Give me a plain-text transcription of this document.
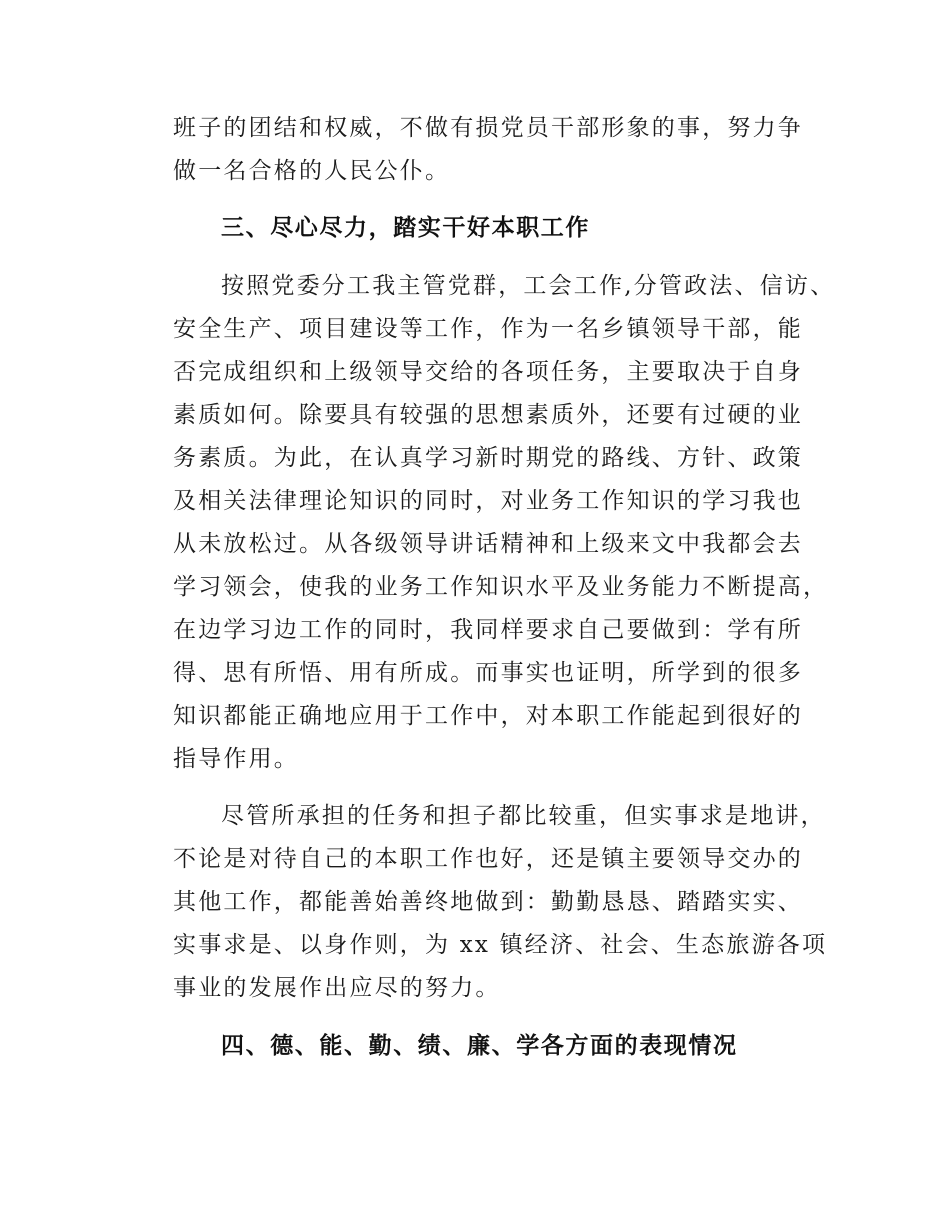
班子的团结和权威，不做有损党员干部形象的事，努力争

做一名合格的人民公仆。

三、尽心尽力，踏实干好本职工作

按照党委分工我主管党群，工会工作,分管政法、信访、

安全生产、项目建设等工作，作为一名乡镇领导干部，能

否完成组织和上级领导交给的各项任务，主要取决于自身

素质如何。除要具有较强的思想素质外，还要有过硬的业

务素质。为此，在认真学习新时期党的路线、方针、政策

及相关法律理论知识的同时，对业务工作知识的学习我也

从未放松过。从各级领导讲话精神和上级来文中我都会去

学习领会，使我的业务工作知识水平及业务能力不断提高，

在边学习边工作的同时，我同样要求自己要做到：学有所

得、思有所悟、用有所成。而事实也证明，所学到的很多

知识都能正确地应用于工作中，对本职工作能起到很好的

指导作用。

尽管所承担的任务和担子都比较重，但实事求是地讲，

不论是对待自己的本职工作也好，还是镇主要领导交办的

其他工作，都能善始善终地做到：勤勤恳恳、踏踏实实、

实事求是、以身作则，为 xx 镇经济、社会、生态旅游各项

事业的发展作出应尽的努力。

四、德、能、勤、绩、廉、学各方面的表现情况
